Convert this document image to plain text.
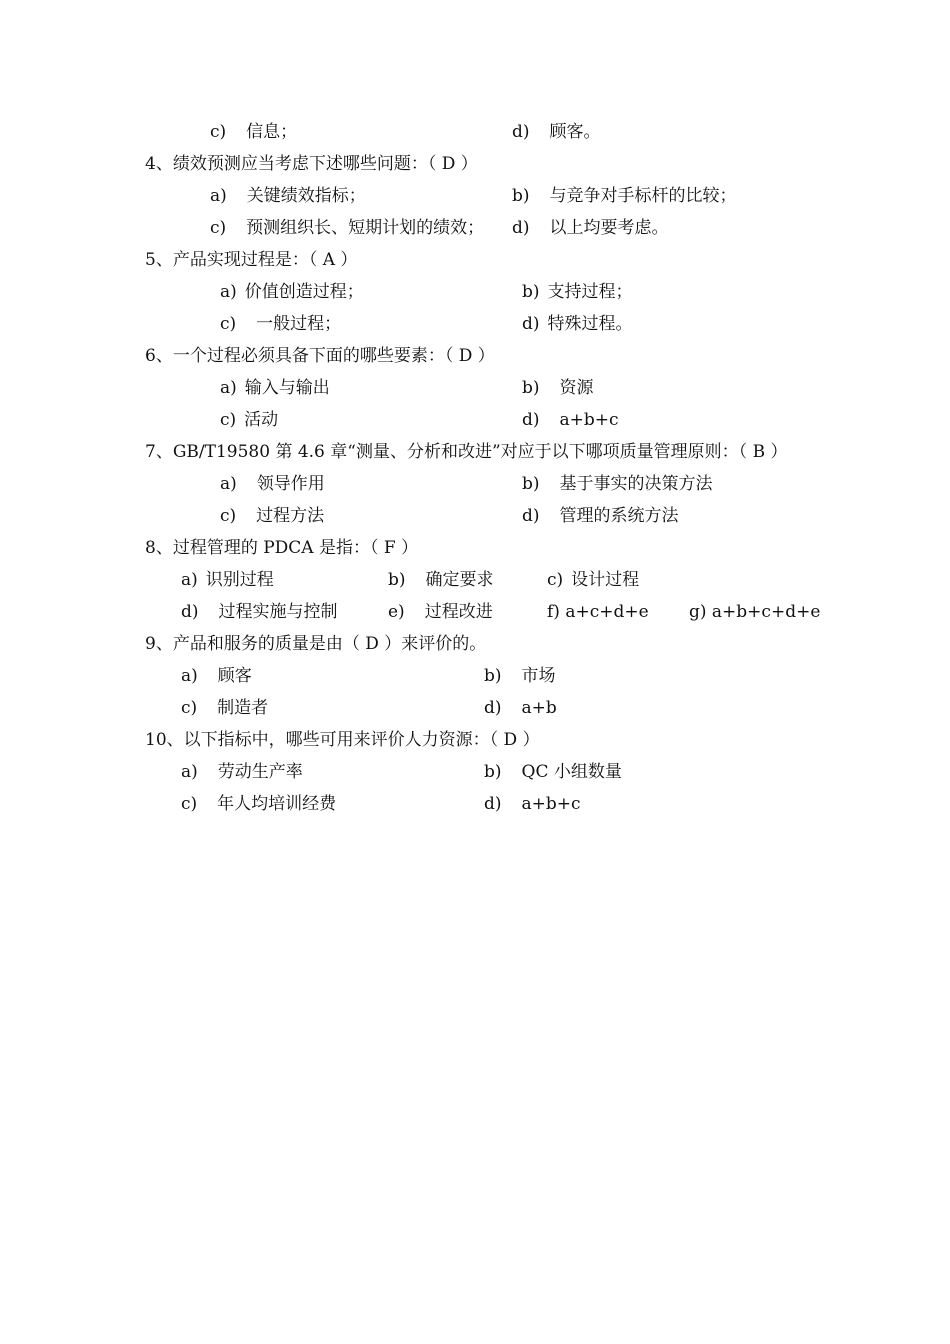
c) 信息；	d) 顾客。
4、绩效预测应当考虑下述哪些问题：（ D ）
a) 关键绩效指标；	b) 与竞争对手标杆的比较；
c) 预测组织长、短期计划的绩效； d) 以上均要考虑。
5、产品实现过程是：（ A ）
a) 价值创造过程；	b) 支持过程；
c) 一般过程；	d) 特殊过程。
6、一个过程必须具备下面的哪些要素：（ D ）
a) 输入与输出	b) 资源
c) 活动	d) a+b+c
7、GB/T19580 第 4.6 章“测量、分析和改进”对应于以下哪项质量管理原则：（ B ）
a) 领导作用	b) 基于事实的决策方法
c) 过程方法	d) 管理的系统方法
8、过程管理的 PDCA 是指：（ F ）
a) 识别过程	b) 确定要求	c) 设计过程
d) 过程实施与控制	e) 过程改进	f) a+c+d+e g) a+b+c+d+e
9、产品和服务的质量是由（ D ）来评价的。
a) 顾客	b) 市场
c) 制造者	d) a+b
10、以下指标中，哪些可用来评价人力资源：（ D ）
a) 劳动生产率	b) QC 小组数量
c) 年人均培训经费	d) a+b+c
